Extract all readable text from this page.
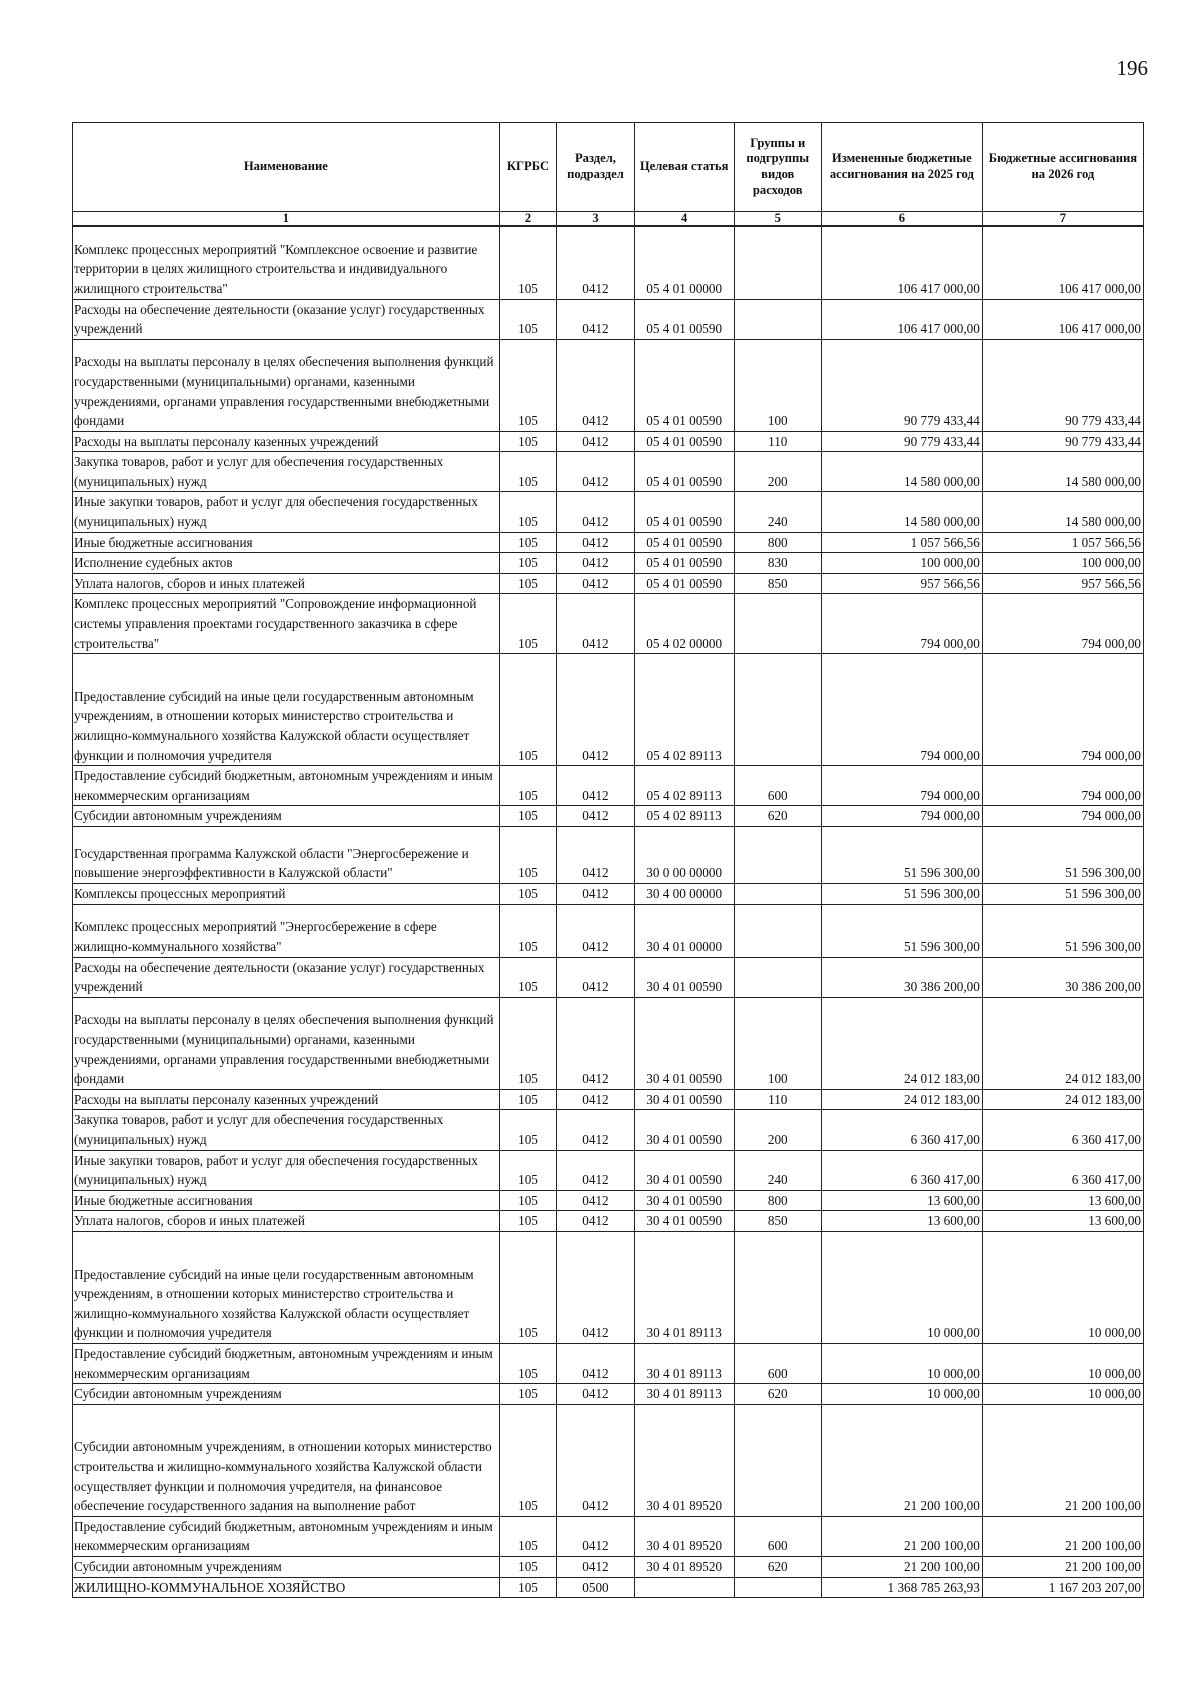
196
Наименование	КГРБС	Раздел, подраздел	Целевая статья	Группы и подгруппы видов расходов	Измененные бюджетные ассигнования на 2025 год	Бюджетные ассигнования на 2026 год
1	2	3	4	5	6	7
Комплекс процессных мероприятий "Комплексное освоение и развитие территории в целях жилищного строительства и индивидуального жилищного строительства"	105	0412	05 4 01 00000		106 417 000,00	106 417 000,00
Расходы на обеспечение деятельности (оказание услуг) государственных учреждений	105	0412	05 4 01 00590		106 417 000,00	106 417 000,00
Расходы на выплаты персоналу в целях обеспечения выполнения функций государственными (муниципальными) органами, казенными учреждениями, органами управления государственными внебюджетными фондами	105	0412	05 4 01 00590	100	90 779 433,44	90 779 433,44
Расходы на выплаты персоналу казенных учреждений	105	0412	05 4 01 00590	110	90 779 433,44	90 779 433,44
Закупка товаров, работ и услуг для обеспечения государственных (муниципальных) нужд	105	0412	05 4 01 00590	200	14 580 000,00	14 580 000,00
Иные закупки товаров, работ и услуг для обеспечения государственных (муниципальных) нужд	105	0412	05 4 01 00590	240	14 580 000,00	14 580 000,00
Иные бюджетные ассигнования	105	0412	05 4 01 00590	800	1 057 566,56	1 057 566,56
Исполнение судебных актов	105	0412	05 4 01 00590	830	100 000,00	100 000,00
Уплата налогов, сборов и иных платежей	105	0412	05 4 01 00590	850	957 566,56	957 566,56
Комплекс процессных мероприятий "Сопровождение информационной системы управления проектами государственного заказчика в сфере строительства"	105	0412	05 4 02 00000		794 000,00	794 000,00
Предоставление субсидий на иные цели государственным автономным учреждениям, в отношении которых министерство строительства и жилищно-коммунального хозяйства Калужской области осуществляет функции и полномочия учредителя	105	0412	05 4 02 89113		794 000,00	794 000,00
Предоставление субсидий бюджетным, автономным учреждениям и иным некоммерческим организациям	105	0412	05 4 02 89113	600	794 000,00	794 000,00
Субсидии автономным учреждениям	105	0412	05 4 02 89113	620	794 000,00	794 000,00
Государственная программа Калужской области "Энергосбережение и повышение энергоэффективности в Калужской области"	105	0412	30 0 00 00000		51 596 300,00	51 596 300,00
Комплексы процессных мероприятий	105	0412	30 4 00 00000		51 596 300,00	51 596 300,00
Комплекс процессных мероприятий "Энергосбережение в сфере жилищно-коммунального хозяйства"	105	0412	30 4 01 00000		51 596 300,00	51 596 300,00
Расходы на обеспечение деятельности (оказание услуг) государственных учреждений	105	0412	30 4 01 00590		30 386 200,00	30 386 200,00
Расходы на выплаты персоналу в целях обеспечения выполнения функций государственными (муниципальными) органами, казенными учреждениями, органами управления государственными внебюджетными фондами	105	0412	30 4 01 00590	100	24 012 183,00	24 012 183,00
Расходы на выплаты персоналу казенных учреждений	105	0412	30 4 01 00590	110	24 012 183,00	24 012 183,00
Закупка товаров, работ и услуг для обеспечения государственных (муниципальных) нужд	105	0412	30 4 01 00590	200	6 360 417,00	6 360 417,00
Иные закупки товаров, работ и услуг для обеспечения государственных (муниципальных) нужд	105	0412	30 4 01 00590	240	6 360 417,00	6 360 417,00
Иные бюджетные ассигнования	105	0412	30 4 01 00590	800	13 600,00	13 600,00
Уплата налогов, сборов и иных платежей	105	0412	30 4 01 00590	850	13 600,00	13 600,00
Предоставление субсидий на иные цели государственным автономным учреждениям, в отношении которых министерство строительства и жилищно-коммунального хозяйства Калужской области осуществляет функции и полномочия учредителя	105	0412	30 4 01 89113		10 000,00	10 000,00
Предоставление субсидий бюджетным, автономным учреждениям и иным некоммерческим организациям	105	0412	30 4 01 89113	600	10 000,00	10 000,00
Субсидии автономным учреждениям	105	0412	30 4 01 89113	620	10 000,00	10 000,00
Субсидии автономным учреждениям, в отношении которых министерство строительства и жилищно-коммунального хозяйства Калужской области осуществляет функции и полномочия учредителя, на финансовое обеспечение государственного задания на выполнение работ	105	0412	30 4 01 89520		21 200 100,00	21 200 100,00
Предоставление субсидий бюджетным, автономным учреждениям и иным некоммерческим организациям	105	0412	30 4 01 89520	600	21 200 100,00	21 200 100,00
Субсидии автономным учреждениям	105	0412	30 4 01 89520	620	21 200 100,00	21 200 100,00
ЖИЛИЩНО-КОММУНАЛЬНОЕ ХОЗЯЙСТВО	105	0500			1 368 785 263,93	1 167 203 207,00
